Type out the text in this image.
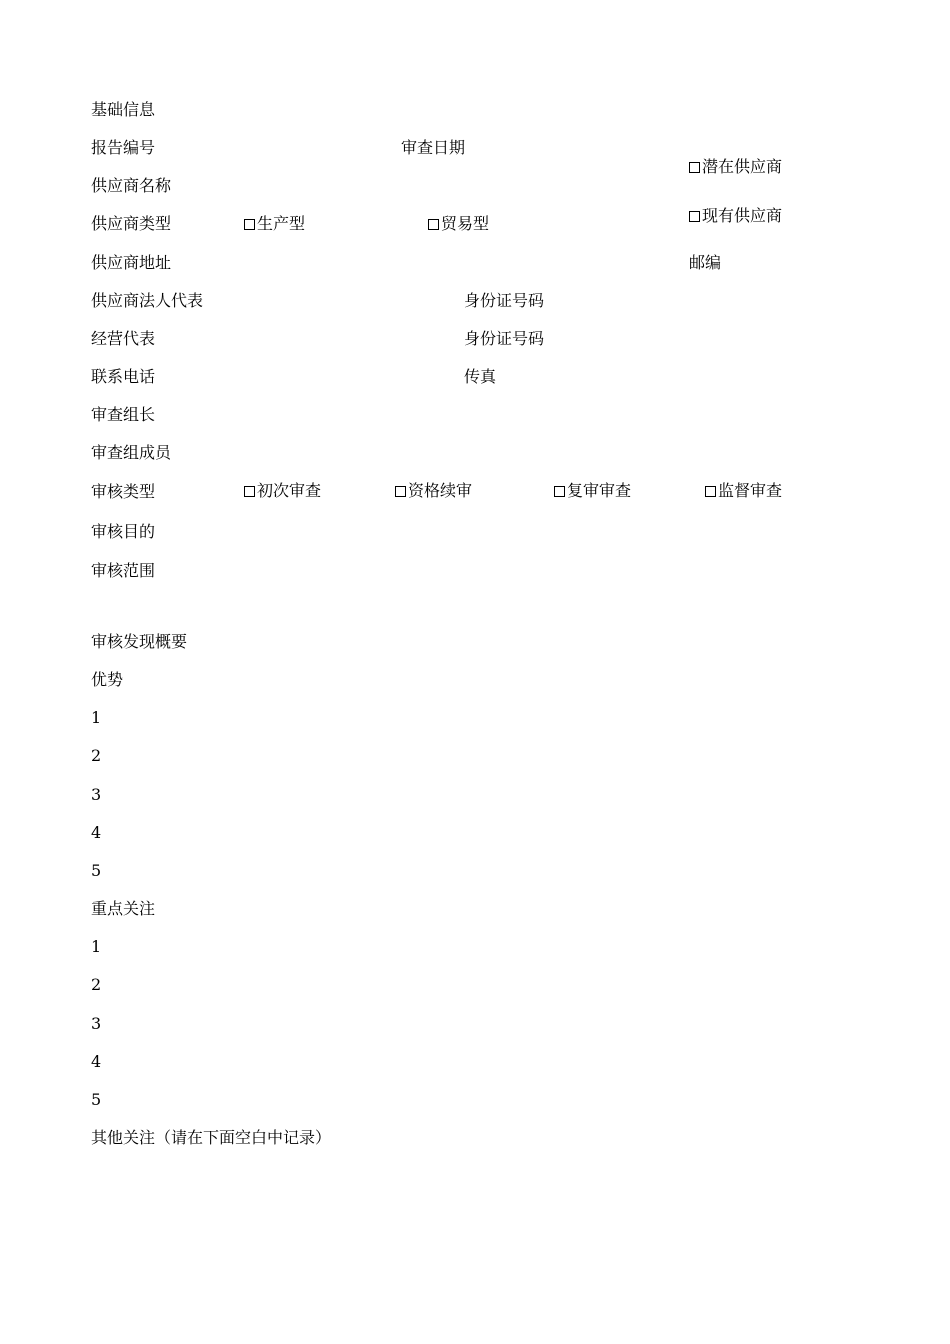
基础信息
报告编号	审查日期
潜在供应商
供应商名称
现有供应商
供应商类型	生产型	贸易型
供应商地址	邮编
供应商法人代表	身份证号码
经营代表	身份证号码
联系电话	传真
审查组长
审查组成员
审核类型	初次审查	资格续审	复审审查	监督审查
审核目的
审核范围
审核发现概要
优势
1
2
3
4
5
重点关注
1
2
3
4
5
其他关注（请在下面空白中记录）
